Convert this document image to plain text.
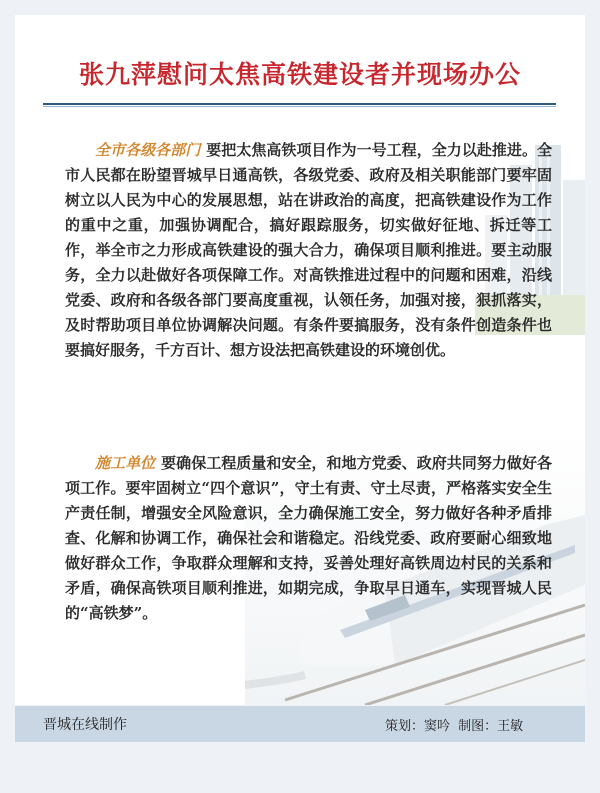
张九萍慰问太焦高铁建设者并现场办公

全市各级各部门 要把太焦高铁项目作为一号工程，全力以赴推进。全市人民都在盼望晋城早日通高铁，各级党委、政府及相关职能部门要牢固树立以人民为中心的发展思想，站在讲政治的高度，把高铁建设作为工作的重中之重，加强协调配合，搞好跟踪服务，切实做好征地、拆迁等工作，举全市之力形成高铁建设的强大合力，确保项目顺利推进。要主动服务，全力以赴做好各项保障工作。对高铁推进过程中的问题和困难，沿线党委、政府和各级各部门要高度重视，认领任务，加强对接，狠抓落实，及时帮助项目单位协调解决问题。有条件要搞服务，没有条件创造条件也要搞好服务，千方百计、想方设法把高铁建设的环境创优。

施工单位 要确保工程质量和安全，和地方党委、政府共同努力做好各项工作。要牢固树立“四个意识”，守土有责、守土尽责，严格落实安全生产责任制，增强安全风险意识，全力确保施工安全，努力做好各种矛盾排查、化解和协调工作，确保社会和谐稳定。沿线党委、政府要耐心细致地做好群众工作，争取群众理解和支持，妥善处理好高铁周边村民的关系和矛盾，确保高铁项目顺利推进，如期完成，争取早日通车，实现晋城人民的“高铁梦”。

晋城在线制作	策划：窦吟 制图：王敏
